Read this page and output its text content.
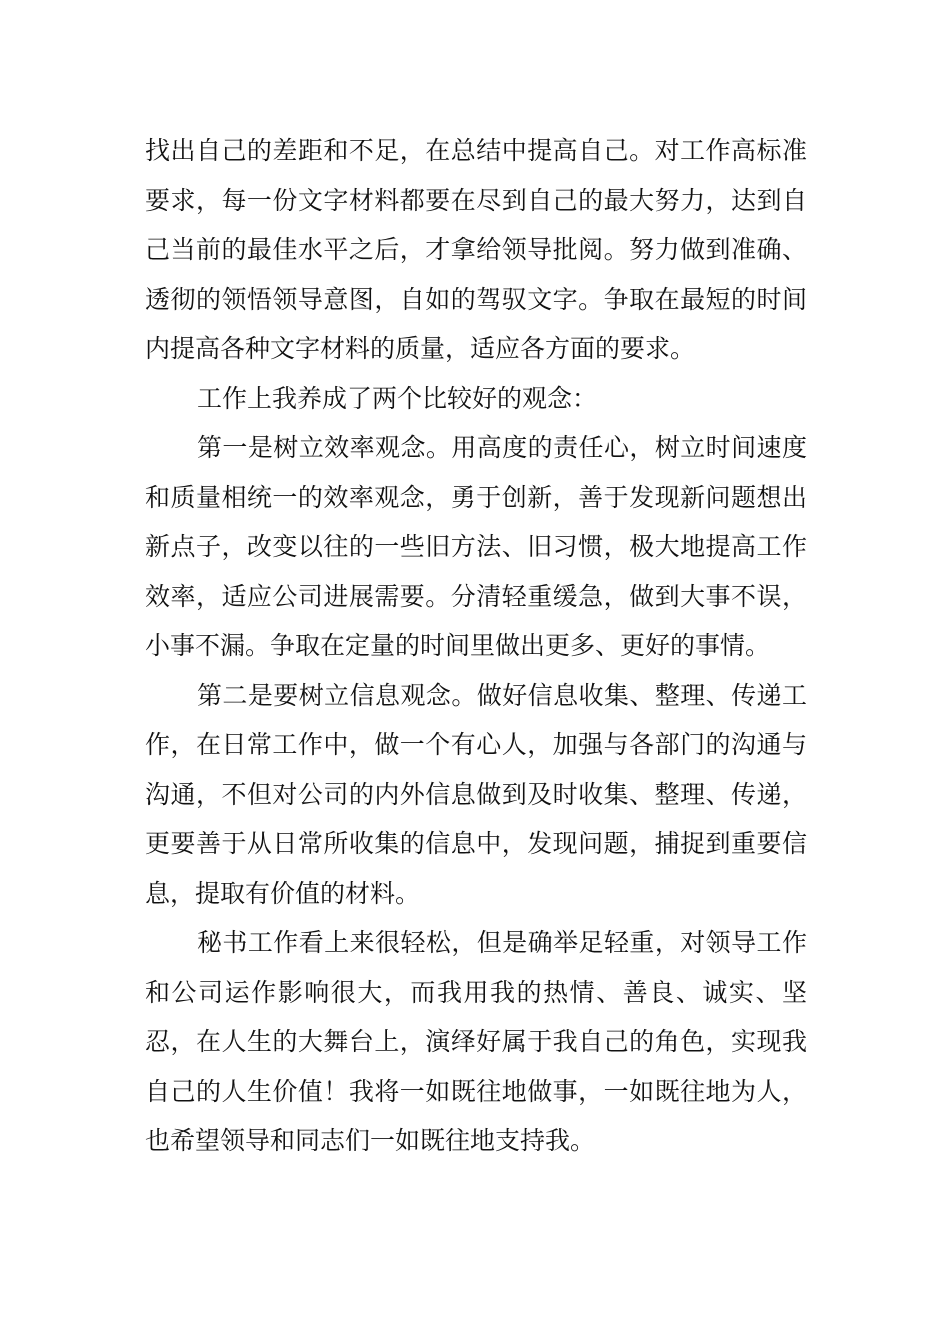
找出自己的差距和不足，在总结中提高自己。对工作高标准要求，每一份文字材料都要在尽到自己的最大努力，达到自己当前的最佳水平之后，才拿给领导批阅。努力做到准确、透彻的领悟领导意图，自如的驾驭文字。争取在最短的时间内提高各种文字材料的质量，适应各方面的要求。

工作上我养成了两个比较好的观念：

第一是树立效率观念。用高度的责任心，树立时间速度和质量相统一的效率观念，勇于创新，善于发现新问题想出新点子，改变以往的一些旧方法、旧习惯，极大地提高工作效率，适应公司进展需要。分清轻重缓急，做到大事不误，小事不漏。争取在定量的时间里做出更多、更好的事情。

第二是要树立信息观念。做好信息收集、整理、传递工作，在日常工作中，做一个有心人，加强与各部门的沟通与沟通，不但对公司的内外信息做到及时收集、整理、传递，更要善于从日常所收集的信息中，发现问题，捕捉到重要信息，提取有价值的材料。

秘书工作看上来很轻松，但是确举足轻重，对领导工作和公司运作影响很大，而我用我的热情、善良、诚实、坚忍，在人生的大舞台上，演绎好属于我自己的角色，实现我自己的人生价值！我将一如既往地做事，一如既往地为人，也希望领导和同志们一如既往地支持我。
